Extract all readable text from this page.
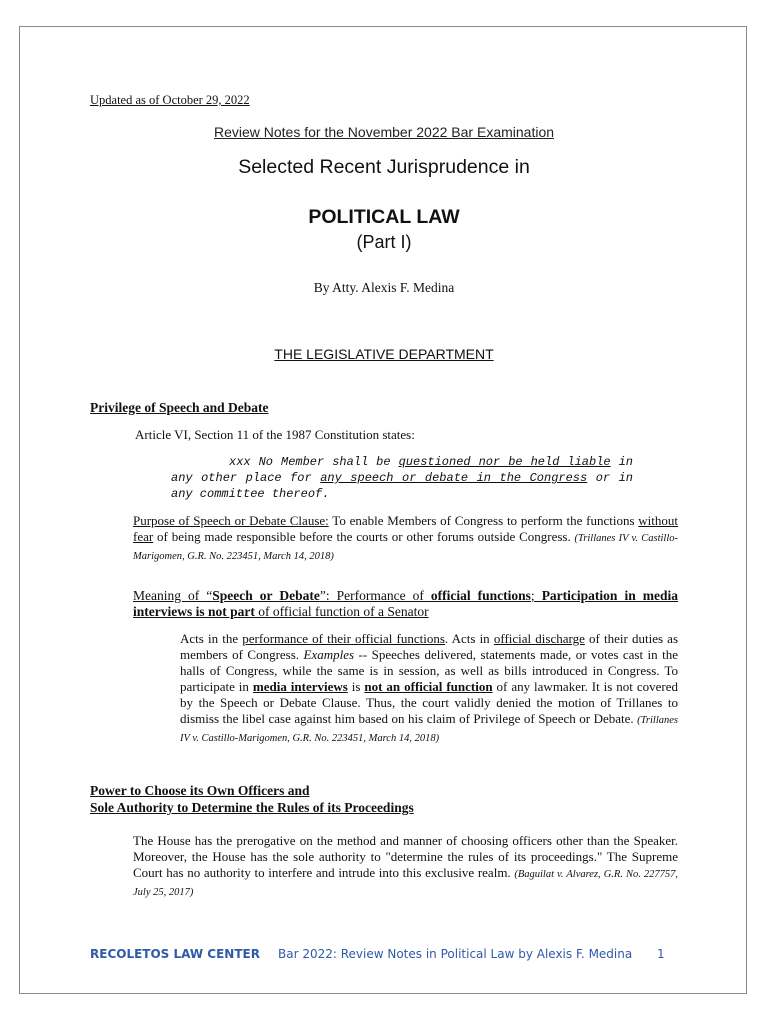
Updated as of October 29, 2022
Review Notes for the November 2022 Bar Examination
Selected Recent Jurisprudence in
POLITICAL LAW
(Part I)
By Atty. Alexis F. Medina
THE LEGISLATIVE DEPARTMENT
Privilege of Speech and Debate
Article VI, Section 11 of the 1987 Constitution states:
xxx No Member shall be questioned nor be held liable in any other place for any speech or debate in the Congress or in any committee thereof.
Purpose of Speech or Debate Clause: To enable Members of Congress to perform the functions without fear of being made responsible before the courts or other forums outside Congress. (Trillanes IV v. Castillo-Marigomen, G.R. No. 223451, March 14, 2018)
Meaning of “Speech or Debate”: Performance of official functions; Participation in media interviews is not part of official function of a Senator
Acts in the performance of their official functions. Acts in official discharge of their duties as members of Congress. Examples -- Speeches delivered, statements made, or votes cast in the halls of Congress, while the same is in session, as well as bills introduced in Congress. To participate in media interviews is not an official function of any lawmaker. It is not covered by the Speech or Debate Clause. Thus, the court validly denied the motion of Trillanes to dismiss the libel case against him based on his claim of Privilege of Speech or Debate. (Trillanes IV v. Castillo-Marigomen, G.R. No. 223451, March 14, 2018)
Power to Choose its Own Officers and
Sole Authority to Determine the Rules of its Proceedings
The House has the prerogative on the method and manner of choosing officers other than the Speaker. Moreover, the House has the sole authority to "determine the rules of its proceedings." The Supreme Court has no authority to interfere and intrude into this exclusive realm. (Baguilat v. Alvarez, G.R. No. 227757, July 25, 2017)
RECOLETOS LAW CENTER Bar 2022: Review Notes in Political Law by Alexis F. Medina 1
